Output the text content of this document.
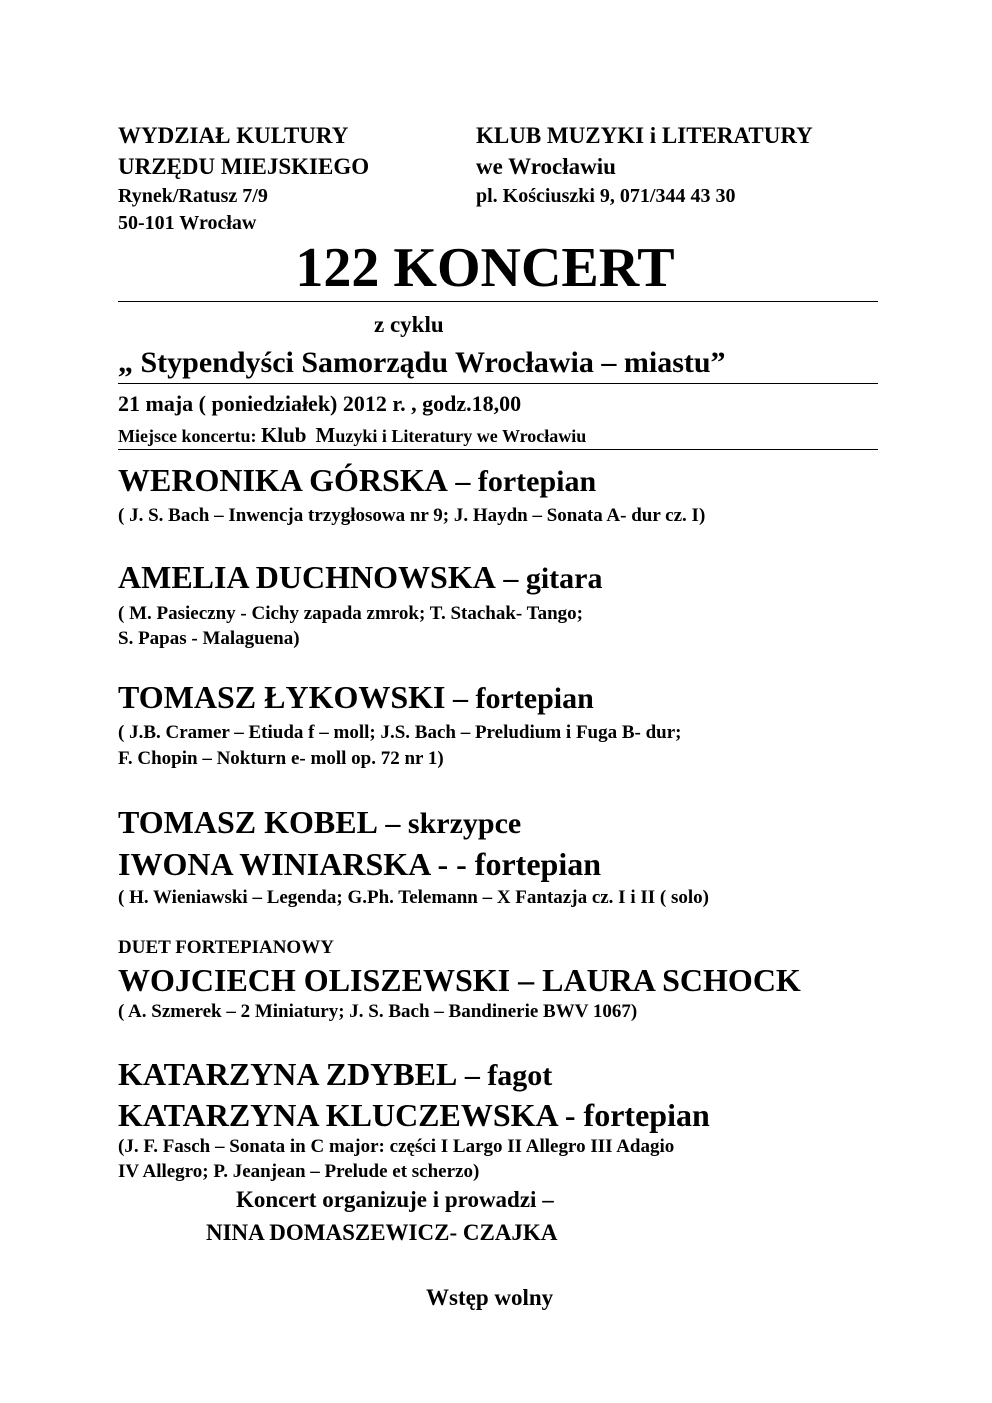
WYDZIAŁ KULTURY
URZĘDU MIEJSKIEGO
Rynek/Ratusz 7/9
50-101 Wrocław
KLUB MUZYKI i LITERATURY
we Wrocławiu
pl. Kościuszki 9, 071/344 43 30
122 KONCERT
z cyklu
„ Stypendyści Samorządu Wrocławia – miastu”
21 maja ( poniedziałek) 2012 r. , godz.18,00
Miejsce koncertu: Klub Muzyki i Literatury we Wrocławiu
WERONIKA GÓRSKA – fortepian
( J. S. Bach – Inwencja trzygłosowa nr 9; J. Haydn – Sonata A- dur cz. I)
AMELIA DUCHNOWSKA – gitara
( M. Pasieczny - Cichy zapada zmrok; T. Stachak- Tango;
S. Papas - Malaguena)
TOMASZ ŁYKOWSKI – fortepian
( J.B. Cramer – Etiuda f – moll; J.S. Bach – Preludium i Fuga B- dur;
F. Chopin – Nokturn e- moll op. 72 nr 1)
TOMASZ KOBEL – skrzypce
IWONA WINIARSKA - - fortepian
( H. Wieniawski – Legenda; G.Ph. Telemann – X Fantazja cz. I i II ( solo)
DUET FORTEPIANOWY
WOJCIECH OLISZEWSKI – LAURA SCHOCK
( A. Szmerek – 2 Miniatury; J. S. Bach – Bandinerie BWV 1067)
KATARZYNA ZDYBEL – fagot
KATARZYNA KLUCZEWSKA - fortepian
(J. F. Fasch – Sonata in C major: części I Largo II Allegro III Adagio
IV Allegro; P. Jeanjean – Prelude et scherzo)
Koncert organizuje i prowadzi –
NINA DOMASZEWICZ- CZAJKA
Wstęp wolny
